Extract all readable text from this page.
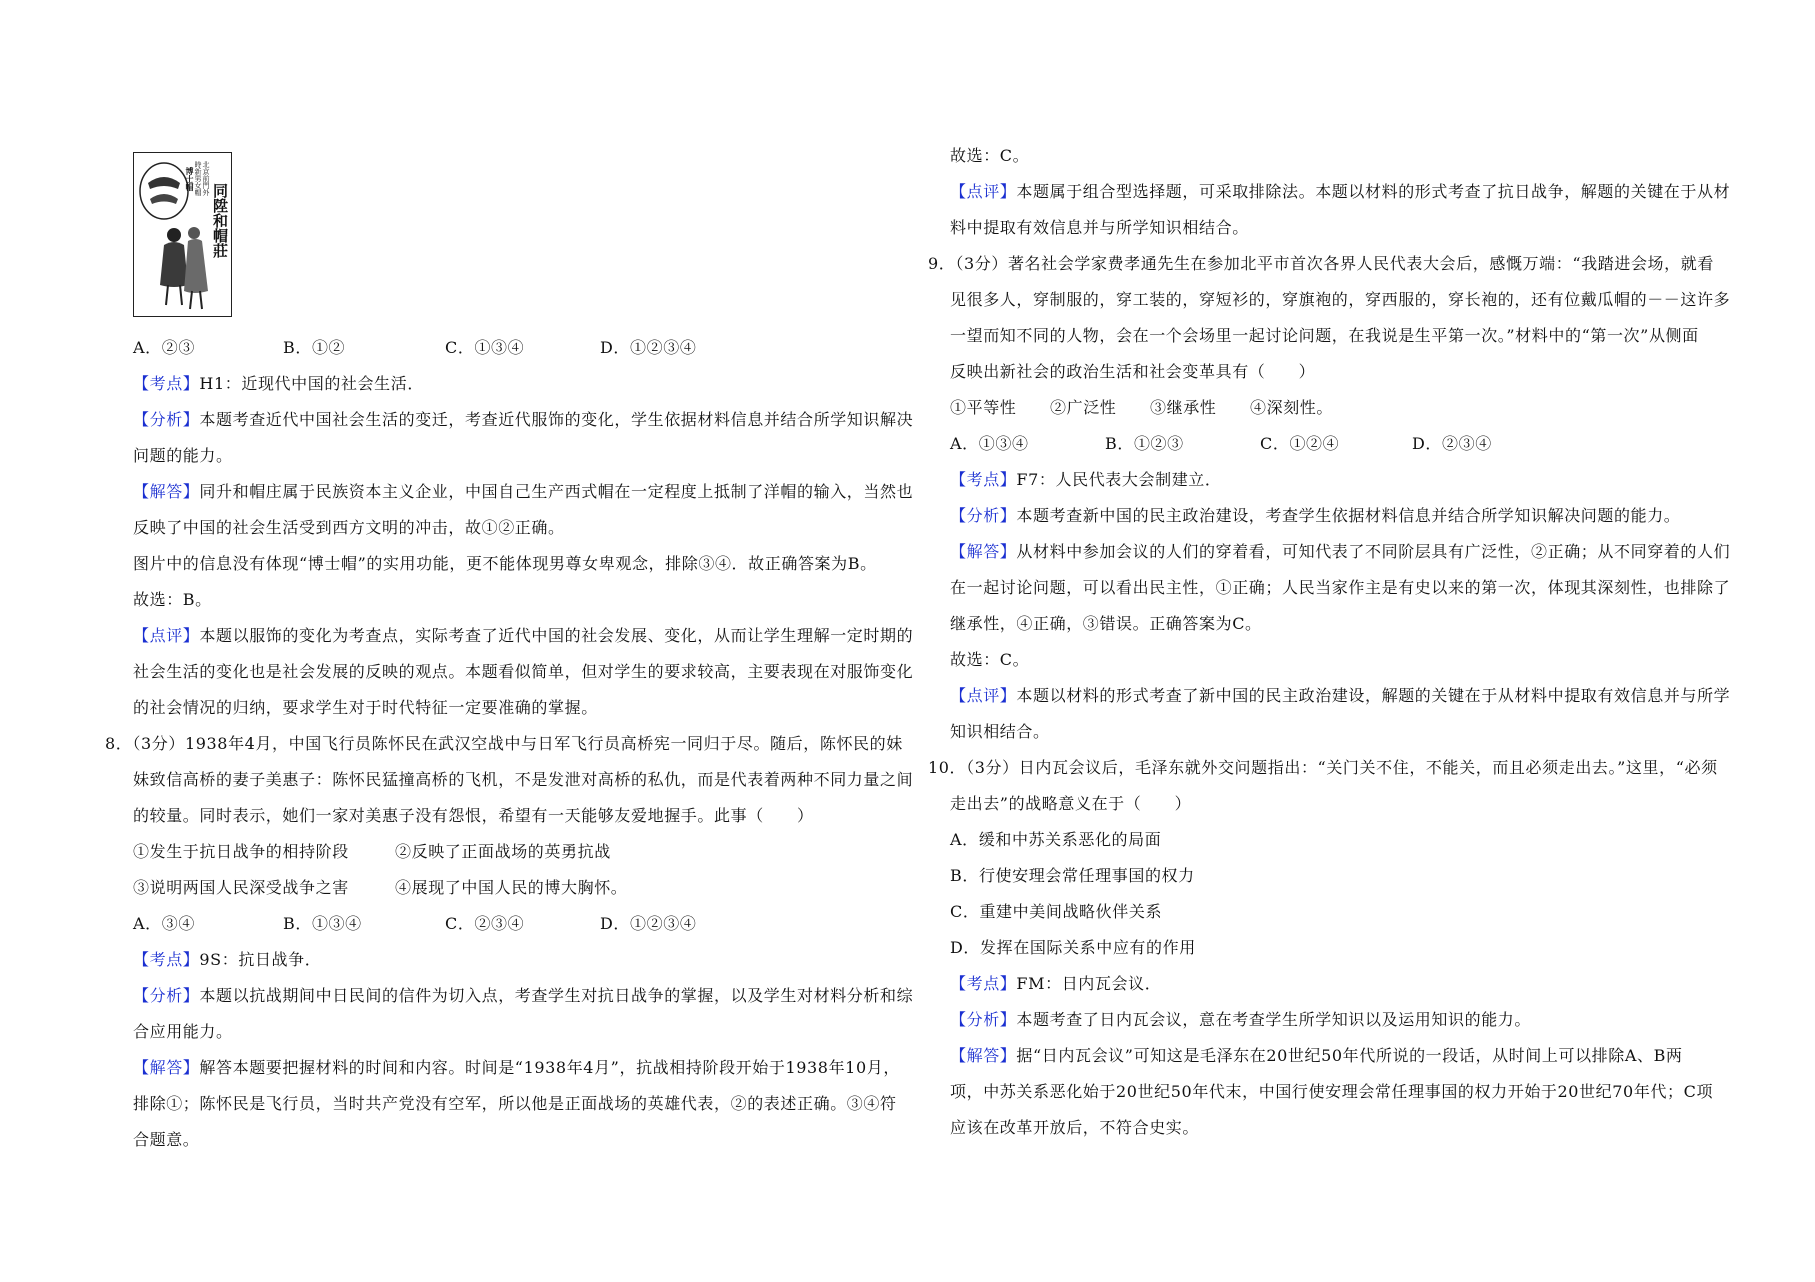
同陞和帽莊
北京前門外
時新男女帽
博士帽
A．②③	B．①②	C．①③④	D．①②③④
【考点】H1：近现代中国的社会生活．
【分析】本题考查近代中国社会生活的变迁，考查近代服饰的变化，学生依据材料信息并结合所学知识解决
问题的能力。
【解答】同升和帽庄属于民族资本主义企业，中国自己生产西式帽在一定程度上抵制了洋帽的输入，当然也
反映了中国的社会生活受到西方文明的冲击，故①②正确。
图片中的信息没有体现“博士帽”的实用功能，更不能体现男尊女卑观念，排除③④．故正确答案为B。
故选：B。
【点评】本题以服饰的变化为考查点，实际考查了近代中国的社会发展、变化，从而让学生理解一定时期的
社会生活的变化也是社会发展的反映的观点。本题看似简单，但对学生的要求较高，主要表现在对服饰变化
的社会情况的归纳，要求学生对于时代特征一定要准确的掌握。
8．（3分）1938年4月，中国飞行员陈怀民在武汉空战中与日军飞行员高桥宪一同归于尽。随后，陈怀民的妹
妹致信高桥的妻子美惠子：陈怀民猛撞高桥的飞机，不是发泄对高桥的私仇，而是代表着两种不同力量之间
的较量。同时表示，她们一家对美惠子没有怨恨，希望有一天能够友爱地握手。此事（　　）
①发生于抗日战争的相持阶段	②反映了正面战场的英勇抗战
③说明两国人民深受战争之害	④展现了中国人民的博大胸怀。
A．③④	B．①③④	C．②③④	D．①②③④
【考点】9S：抗日战争．
【分析】本题以抗战期间中日民间的信件为切入点，考查学生对抗日战争的掌握，以及学生对材料分析和综
合应用能力。
【解答】解答本题要把握材料的时间和内容。时间是“1938年4月”，抗战相持阶段开始于1938年10月，
排除①；陈怀民是飞行员，当时共产党没有空军，所以他是正面战场的英雄代表，②的表述正确。③④符
合题意。
故选：C。
【点评】本题属于组合型选择题，可采取排除法。本题以材料的形式考查了抗日战争，解题的关键在于从材
料中提取有效信息并与所学知识相结合。
9．（3分）著名社会学家费孝通先生在参加北平市首次各界人民代表大会后，感慨万端：“我踏进会场，就看
见很多人，穿制服的，穿工装的，穿短衫的，穿旗袍的，穿西服的，穿长袍的，还有位戴瓜帽的－－这许多
一望而知不同的人物，会在一个会场里一起讨论问题，在我说是生平第一次。”材料中的“第一次”从侧面
反映出新社会的政治生活和社会变革具有（　　）
①平等性 ②广泛性 ③继承性 ④深刻性。
A．①③④	B．①②③	C．①②④	D．②③④
【考点】F7：人民代表大会制建立．
【分析】本题考查新中国的民主政治建设，考查学生依据材料信息并结合所学知识解决问题的能力。
【解答】从材料中参加会议的人们的穿着看，可知代表了不同阶层具有广泛性，②正确；从不同穿着的人们
在一起讨论问题，可以看出民主性，①正确；人民当家作主是有史以来的第一次，体现其深刻性，也排除了
继承性，④正确，③错误。正确答案为C。
故选：C。
【点评】本题以材料的形式考查了新中国的民主政治建设，解题的关键在于从材料中提取有效信息并与所学
知识相结合。
10．（3分）日内瓦会议后，毛泽东就外交问题指出：“关门关不住，不能关，而且必须走出去。”这里，“必须
走出去”的战略意义在于（　　）
A．缓和中苏关系恶化的局面
B．行使安理会常任理事国的权力
C．重建中美间战略伙伴关系
D．发挥在国际关系中应有的作用
【考点】FM：日内瓦会议．
【分析】本题考查了日内瓦会议，意在考查学生所学知识以及运用知识的能力。
【解答】据“日内瓦会议”可知这是毛泽东在20世纪50年代所说的一段话，从时间上可以排除A、B两
项，中苏关系恶化始于20世纪50年代末，中国行使安理会常任理事国的权力开始于20世纪70年代；C项
应该在改革开放后，不符合史实。
